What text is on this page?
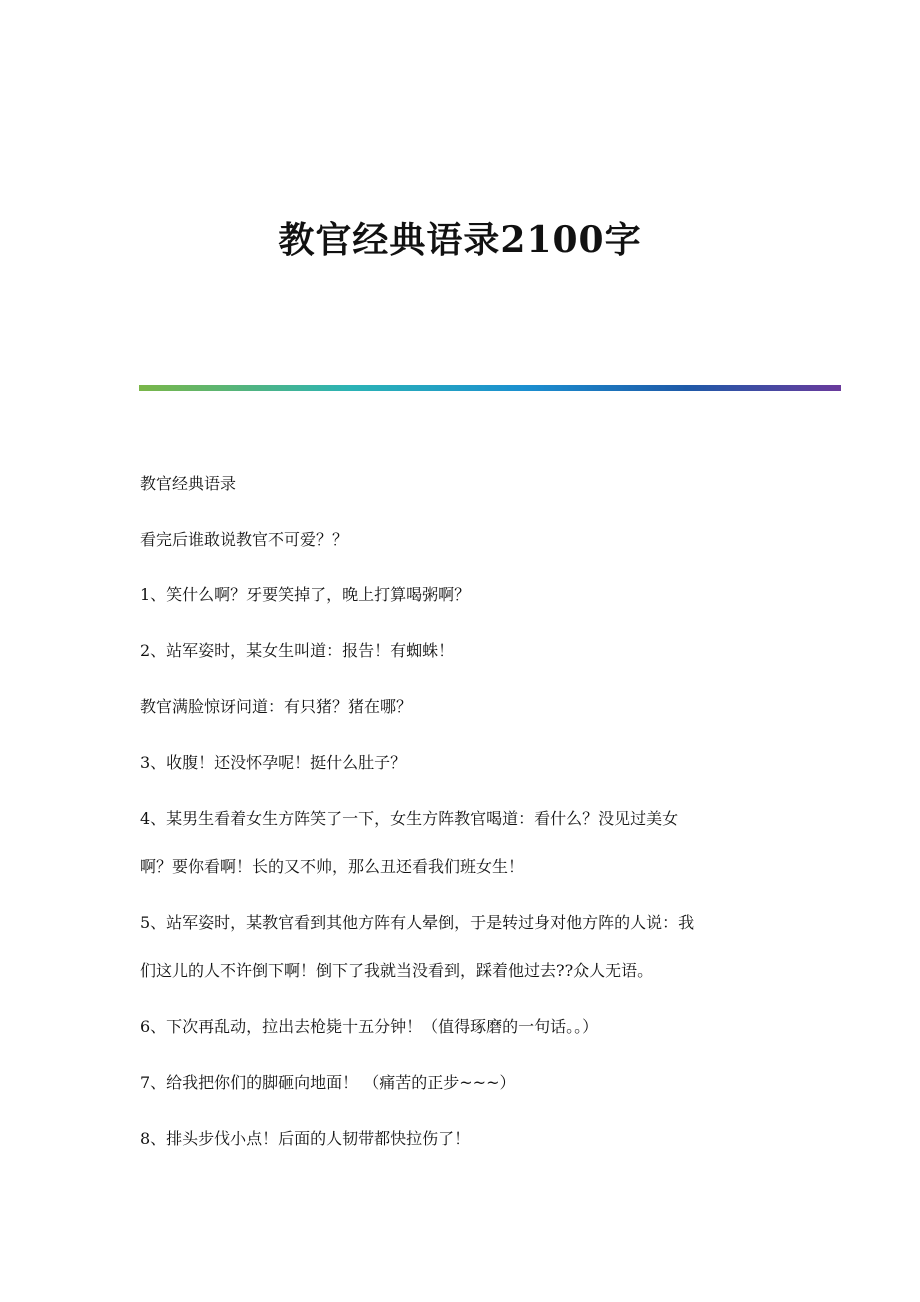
教官经典语录2100字

教官经典语录

看完后谁敢说教官不可爱？？

1、笑什么啊？牙要笑掉了，晚上打算喝粥啊？

2、站军姿时，某女生叫道：报告！有蜘蛛！

教官满脸惊讶问道：有只猪？猪在哪？

3、收腹！还没怀孕呢！挺什么肚子？

4、某男生看着女生方阵笑了一下，女生方阵教官喝道：看什么？没见过美女

啊？要你看啊！长的又不帅，那么丑还看我们班女生！

5、站军姿时，某教官看到其他方阵有人晕倒，于是转过身对他方阵的人说：我

们这儿的人不许倒下啊！倒下了我就当没看到，踩着他过去??众人无语。

6、下次再乱动，拉出去枪毙十五分钟！（值得琢磨的一句话。。）

7、给我把你们的脚砸向地面！ （痛苦的正步~~~）

8、排头步伐小点！后面的人韧带都快拉伤了！
